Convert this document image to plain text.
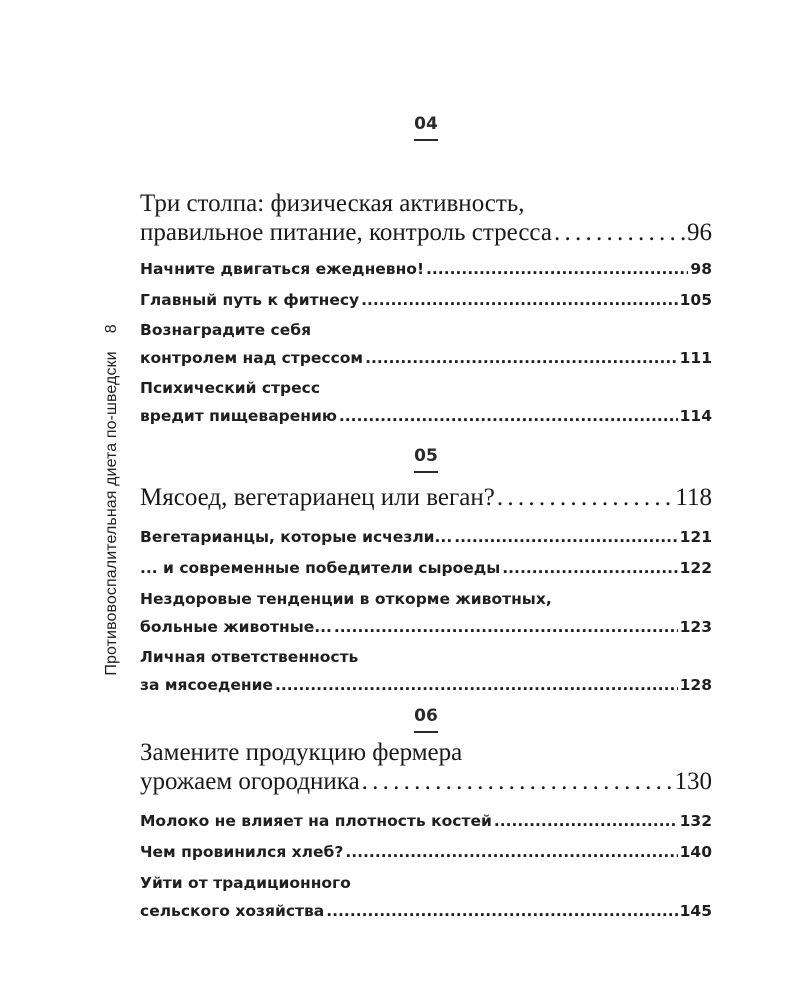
Противовоспалительная диета по-шведски
8
04
Три столпа: физическая активность,
правильное питание, контроль стресса . . .	96
Начните двигаться ежедневно! .....	98
Главный путь к фитнесу .....	105
Вознаградите себя
контролем над стрессом .....	111
Психический стресс
вредит пищеварению .....	114
05
Мясоед, вегетарианец или веган? . . .	118
Вегетарианцы, которые исчезли... .....	121
... и современные победители сыроеды .....	122
Нездоровые тенденции в откорме животных,
больные животные... .....	123
Личная ответственность
за мясоедение .....	128
06
Замените продукцию фермера
урожаем огородника . . .	130
Молоко не влияет на плотность костей .....	132
Чем провинился хлеб? .....	140
Уйти от традиционного
сельского хозяйства .....	145
